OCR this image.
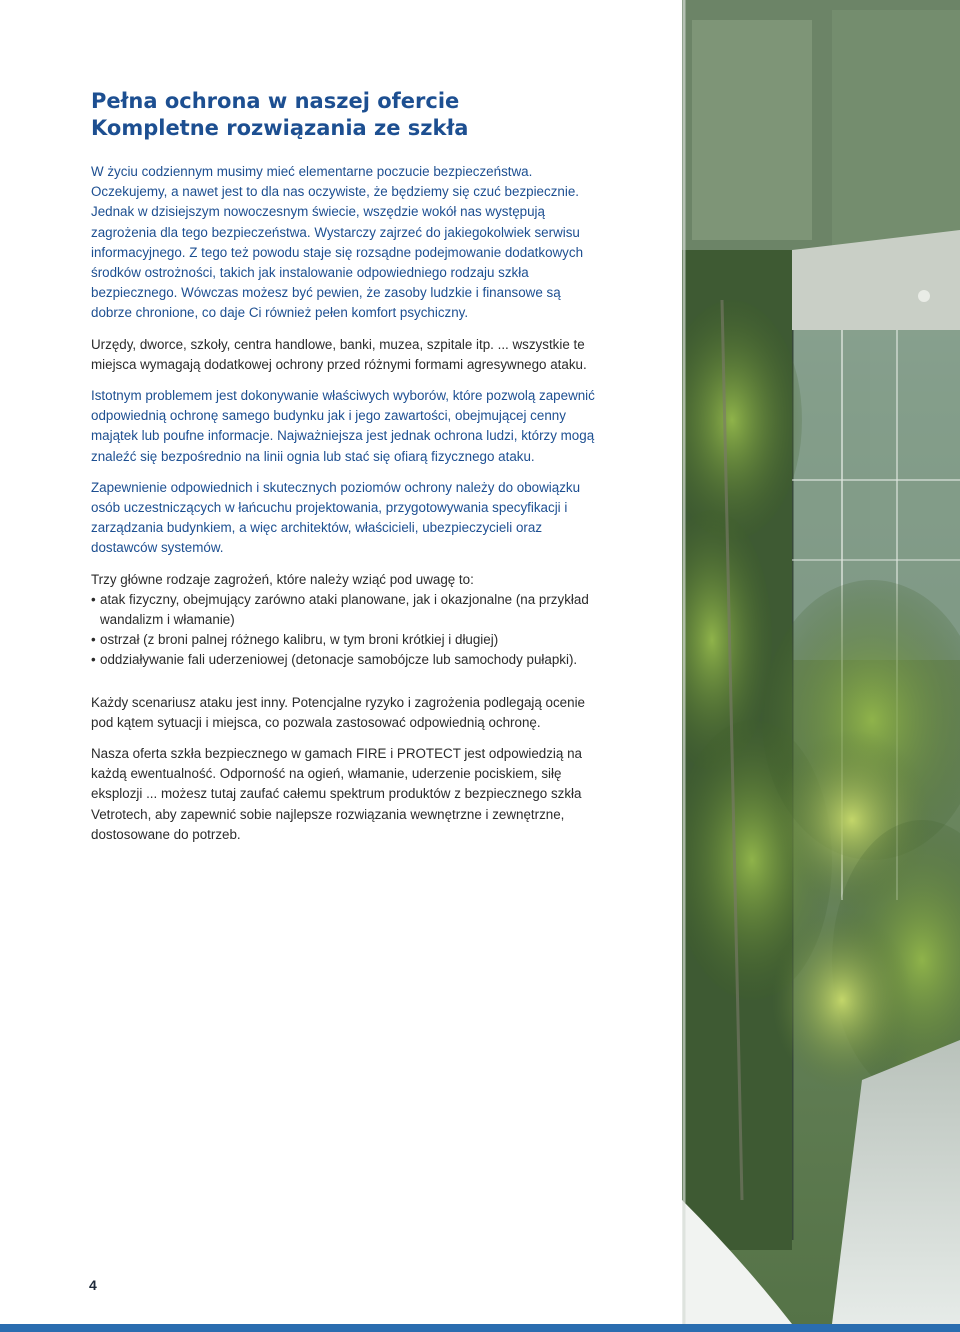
Pełna ochrona w naszej ofercie
Kompletne rozwiązania ze szkła

W życiu codziennym musimy mieć elementarne poczucie bezpieczeństwa. Oczekujemy, a nawet jest to dla nas oczywiste, że będziemy się czuć bezpiecznie. Jednak w dzisiejszym nowoczesnym świecie, wszędzie wokół nas występują zagrożenia dla tego bezpieczeństwa. Wystarczy zajrzeć do jakiegokolwiek serwisu informacyjnego. Z tego też powodu staje się rozsądne podejmowanie dodatkowych środków ostrożności, takich jak instalowanie odpowiedniego rodzaju szkła bezpiecznego. Wówczas możesz być pewien, że zasoby ludzkie i finansowe są dobrze chronione, co daje Ci również pełen komfort psychiczny.

Urzędy, dworce, szkoły, centra handlowe, banki, muzea, szpitale itp. ... wszystkie te miejsca wymagają dodatkowej ochrony przed różnymi formami agresywnego ataku.

Istotnym problemem jest dokonywanie właściwych wyborów, które pozwolą zapewnić odpowiednią ochronę samego budynku jak i jego zawartości, obejmującej cenny majątek lub poufne informacje. Najważniejsza jest jednak ochrona ludzi, którzy mogą znaleźć się bezpośrednio na linii ognia lub stać się ofiarą fizycznego ataku.

Zapewnienie odpowiednich i skutecznych poziomów ochrony należy do obowiązku osób uczestniczących w łańcuchu projektowania, przygotowywania specyfikacji i zarządzania budynkiem, a więc architektów, właścicieli, ubezpieczycieli oraz dostawców systemów.

Trzy główne rodzaje zagrożeń, które należy wziąć pod uwagę to:

• atak fizyczny, obejmujący zarówno ataki planowane, jak i okazjonalne (na przykład wandalizm i włamanie)
• ostrzał (z broni palnej różnego kalibru, w tym broni krótkiej i długiej)
• oddziaływanie fali uderzeniowej (detonacje samobójcze lub samochody pułapki).

Każdy scenariusz ataku jest inny. Potencjalne ryzyko i zagrożenia podlegają ocenie pod kątem sytuacji i miejsca, co pozwala zastosować odpowiednią ochronę.

Nasza oferta szkła bezpiecznego w gamach FIRE i PROTECT jest odpowiedzią na każdą ewentualność. Odporność na ogień, włamanie, uderzenie pociskiem, siłę eksplozji ... możesz tutaj zaufać całemu spektrum produktów z bezpiecznego szkła Vetrotech, aby zapewnić sobie najlepsze rozwiązania wewnętrzne i zewnętrzne, dostosowane do potrzeb.

4
